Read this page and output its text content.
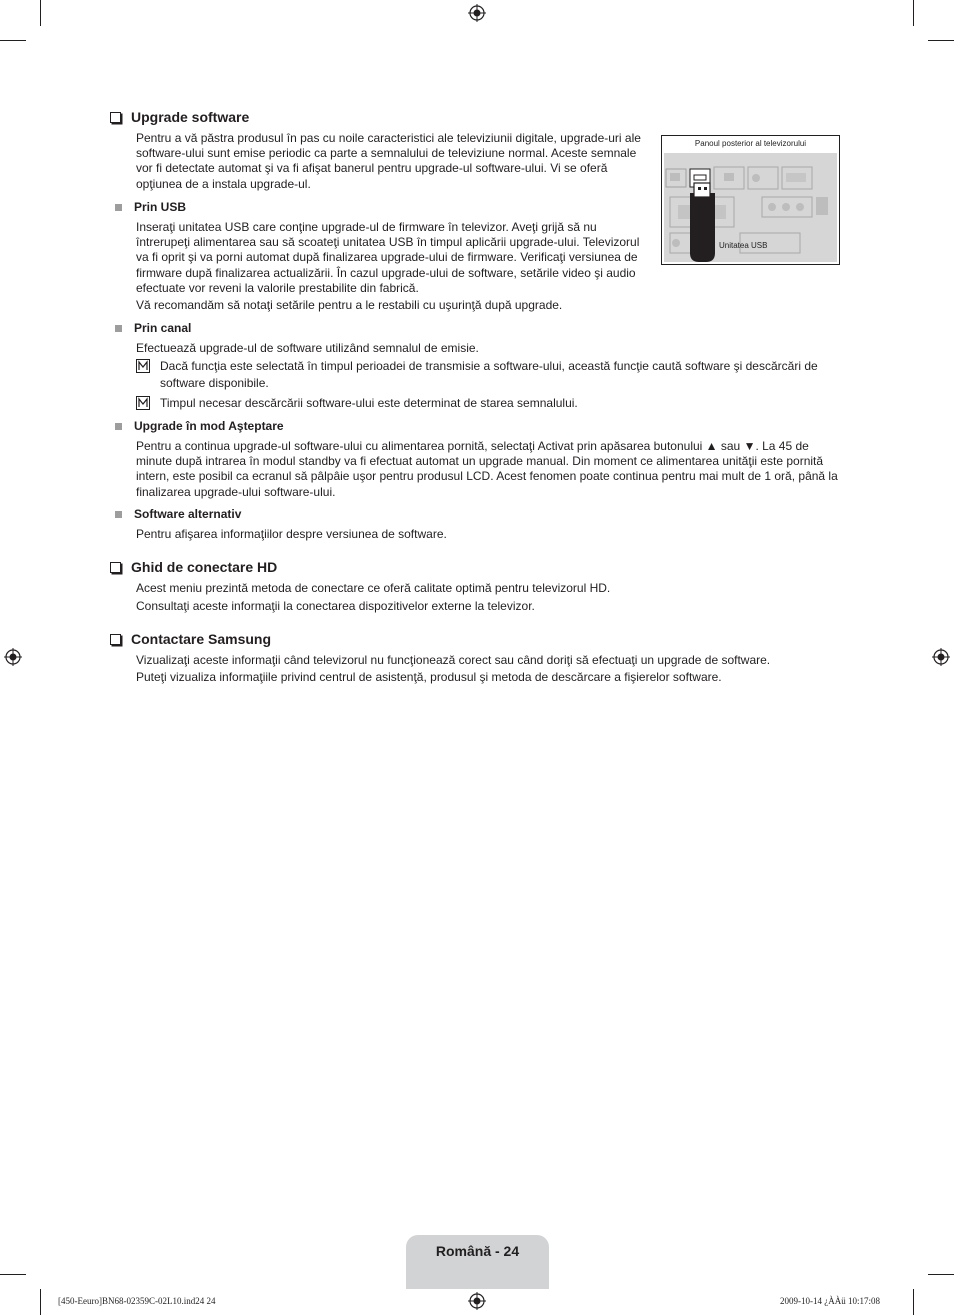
Upgrade software
Pentru a vă păstra produsul în pas cu noile caracteristici ale televiziunii digitale, upgrade-uri ale software-ului sunt emise periodic ca parte a semnalului de televiziune normal. Aceste semnale vor fi detectate automat şi va fi afişat banerul pentru upgrade-ul software-ului. Vi se oferă opţiunea de a instala upgrade-ul.
Panoul posterior al televizorului
Unitatea USB
Prin USB
Inseraţi unitatea USB care conţine upgrade-ul de firmware în televizor. Aveţi grijă să nu întrerupeţi alimentarea sau să scoateţi unitatea USB în timpul aplicării upgrade-ului. Televizorul va fi oprit şi va porni automat după finalizarea upgrade-ului de firmware. Verificaţi versiunea de firmware după finalizarea actualizării. În cazul upgrade-ului de software, setările video şi audio efectuate vor reveni la valorile prestabilite din fabrică.
Vă recomandăm să notaţi setările pentru a le restabili cu uşurinţă după upgrade.
Prin canal
Efectuează upgrade-ul de software utilizând semnalul de emisie.
Dacă funcţia este selectată în timpul perioadei de transmisie a software-ului, această funcţie caută software şi descărcări de software disponibile.
Timpul necesar descărcării software-ului este determinat de starea semnalului.
Upgrade în mod Aşteptare
Pentru a continua upgrade-ul software-ului cu alimentarea pornită, selectaţi Activat prin apăsarea butonului ▲ sau ▼. La 45 de minute după intrarea în modul standby va fi efectuat automat un upgrade manual. Din moment ce alimentarea unităţii este pornită intern, este posibil ca ecranul să pâlpâie uşor pentru produsul LCD. Acest fenomen poate continua pentru mai mult de 1 oră, până la finalizarea upgrade-ului software-ului.
Software alternativ
Pentru afişarea informaţiilor despre versiunea de software.
Ghid de conectare HD
Acest meniu prezintă metoda de conectare ce oferă calitate optimă pentru televizorul HD.
Consultaţi aceste informaţii la conectarea dispozitivelor externe la televizor.
Contactare Samsung
Vizualizaţi aceste informaţii când televizorul nu funcţionează corect sau când doriţi să efectuaţi un upgrade de software.
Puteţi vizualiza informaţiile privind centrul de asistenţă, produsul şi metoda de descărcare a fişierelor software.
Română - 24
[450-Eeuro]BN68-02359C-02L10.ind24 24	2009-10-14 ¿ÀÀü 10:17:08
